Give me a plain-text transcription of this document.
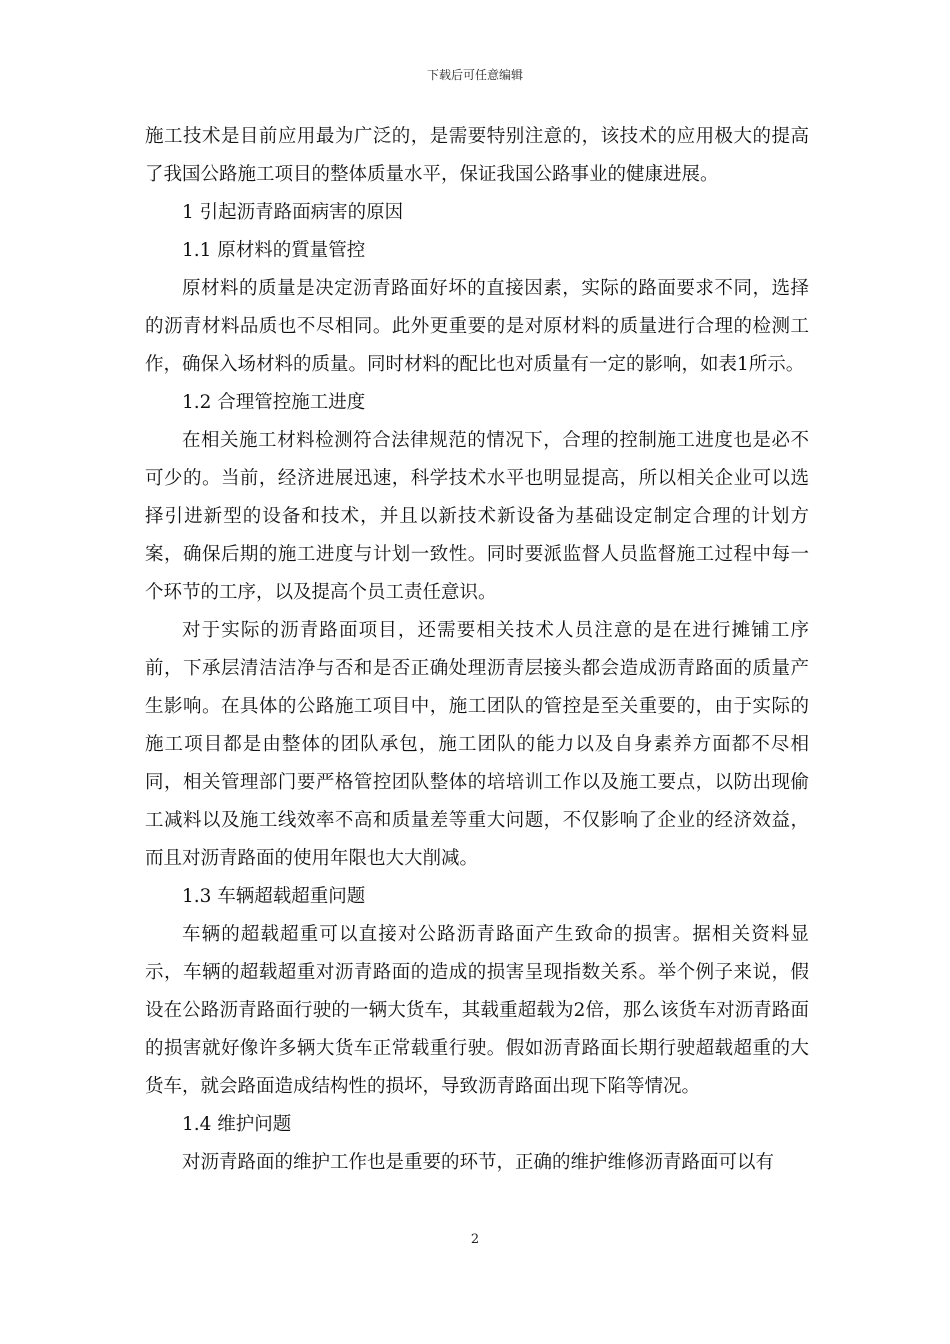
下载后可任意编辑

施工技术是目前应用最为广泛的，是需要特别注意的，该技术的应用极大的提高了我国公路施工项目的整体质量水平，保证我国公路事业的健康进展。

1 引起沥青路面病害的原因

1.1 原材料的質量管控

原材料的质量是决定沥青路面好坏的直接因素，实际的路面要求不同，选择的沥青材料品质也不尽相同。此外更重要的是对原材料的质量进行合理的检测工作，确保入场材料的质量。同时材料的配比也对质量有一定的影响，如表1所示。

1.2 合理管控施工进度

在相关施工材料检测符合法律规范的情况下，合理的控制施工进度也是必不可少的。当前，经济进展迅速，科学技术水平也明显提高，所以相关企业可以选择引进新型的设备和技术，并且以新技术新设备为基础设定制定合理的计划方案，确保后期的施工进度与计划一致性。同时要派监督人员监督施工过程中每一个环节的工序，以及提高个员工责任意识。

对于实际的沥青路面项目，还需要相关技术人员注意的是在进行摊铺工序前，下承层清洁洁净与否和是否正确处理沥青层接头都会造成沥青路面的质量产生影响。在具体的公路施工项目中，施工团队的管控是至关重要的，由于实际的施工项目都是由整体的团队承包，施工团队的能力以及自身素养方面都不尽相同，相关管理部门要严格管控团队整体的培培训工作以及施工要点，以防出现偷工减料以及施工线效率不高和质量差等重大问题，不仅影响了企业的经济效益，而且对沥青路面的使用年限也大大削减。

1.3 车辆超载超重问题

车辆的超载超重可以直接对公路沥青路面产生致命的损害。据相关资料显示，车辆的超载超重对沥青路面的造成的损害呈现指数关系。举个例子来说，假设在公路沥青路面行驶的一辆大货车，其载重超载为2倍，那么该货车对沥青路面的损害就好像许多辆大货车正常载重行驶。假如沥青路面长期行驶超载超重的大货车，就会路面造成结构性的损坏，导致沥青路面出现下陷等情况。

1.4 维护问题

对沥青路面的维护工作也是重要的环节，正确的维护维修沥青路面可以有

2
